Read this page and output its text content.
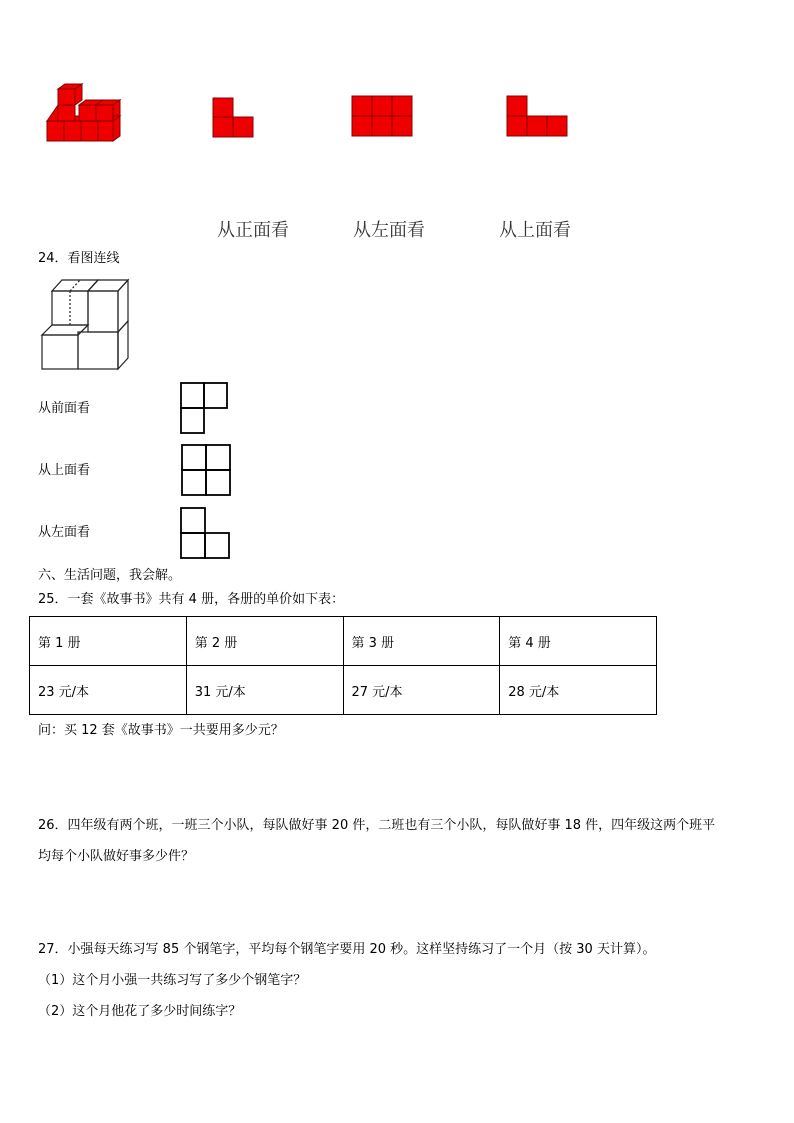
从正面看	从左面看	从上面看
24．看图连线
从前面看
从上面看
从左面看
六、生活问题，我会解。
25．一套《故事书》共有 4 册，各册的单价如下表：
第 1 册	第 2 册	第 3 册	第 4 册
23 元/本	31 元/本	27 元/本	28 元/本
问：买 12 套《故事书》一共要用多少元？
26．四年级有两个班，一班三个小队，每队做好事 20 件，二班也有三个小队，每队做好事 18 件，四年级这两个班平
均每个小队做好事多少件？
27．小强每天练习写 85 个钢笔字，平均每个钢笔字要用 20 秒。这样坚持练习了一个月（按 30 天计算）。
（1）这个月小强一共练习写了多少个钢笔字？
（2）这个月他花了多少时间练字？
